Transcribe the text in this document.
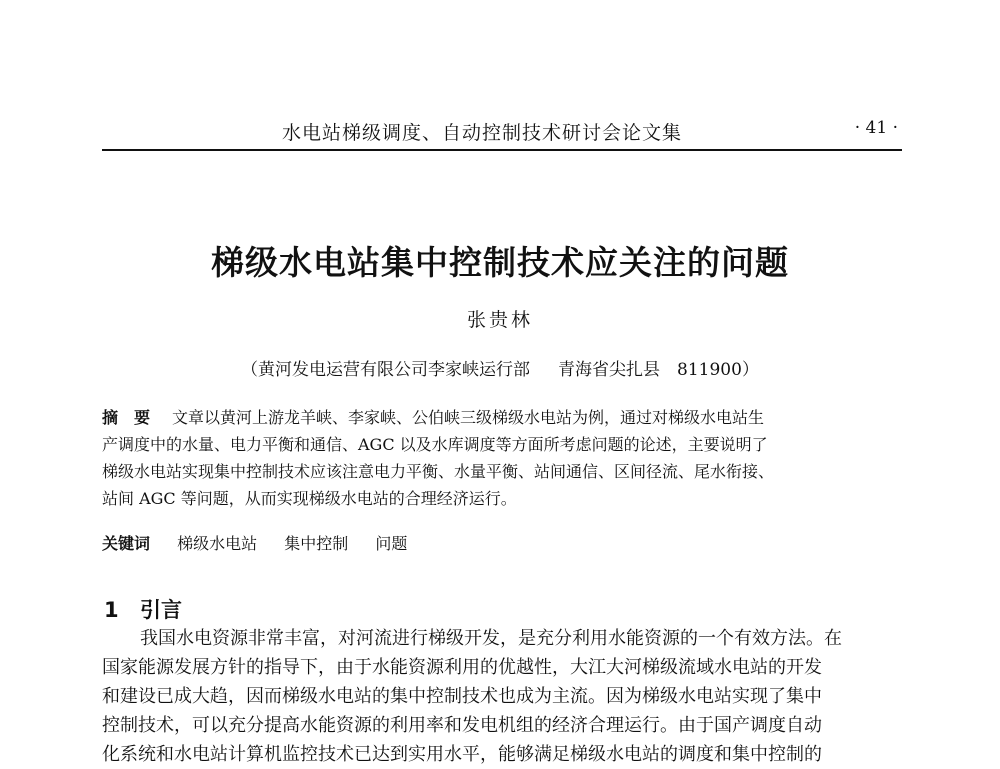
水电站梯级调度、自动控制技术研讨会论文集	· 41 ·
梯级水电站集中控制技术应关注的问题
张贵林
（黄河发电运营有限公司李家峡运行部 青海省尖扎县　811900）
摘　要 文章以黄河上游龙羊峡、李家峡、公伯峡三级梯级水电站为例，通过对梯级水电站生
产调度中的水量、电力平衡和通信、AGC 以及水库调度等方面所考虑问题的论述，主要说明了
梯级水电站实现集中控制技术应该注意电力平衡、水量平衡、站间通信、区间径流、尾水衔接、
站间 AGC 等问题，从而实现梯级水电站的合理经济运行。
关键词 梯级水电站 集中控制 问题
1 引言
我国水电资源非常丰富，对河流进行梯级开发，是充分利用水能资源的一个有效方法。在
国家能源发展方针的指导下，由于水能资源利用的优越性，大江大河梯级流域水电站的开发
和建设已成大趋，因而梯级水电站的集中控制技术也成为主流。因为梯级水电站实现了集中
控制技术，可以充分提高水能资源的利用率和发电机组的经济合理运行。由于国产调度自动
化系统和水电站计算机监控技术已达到实用水平，能够满足梯级水电站的调度和集中控制的
